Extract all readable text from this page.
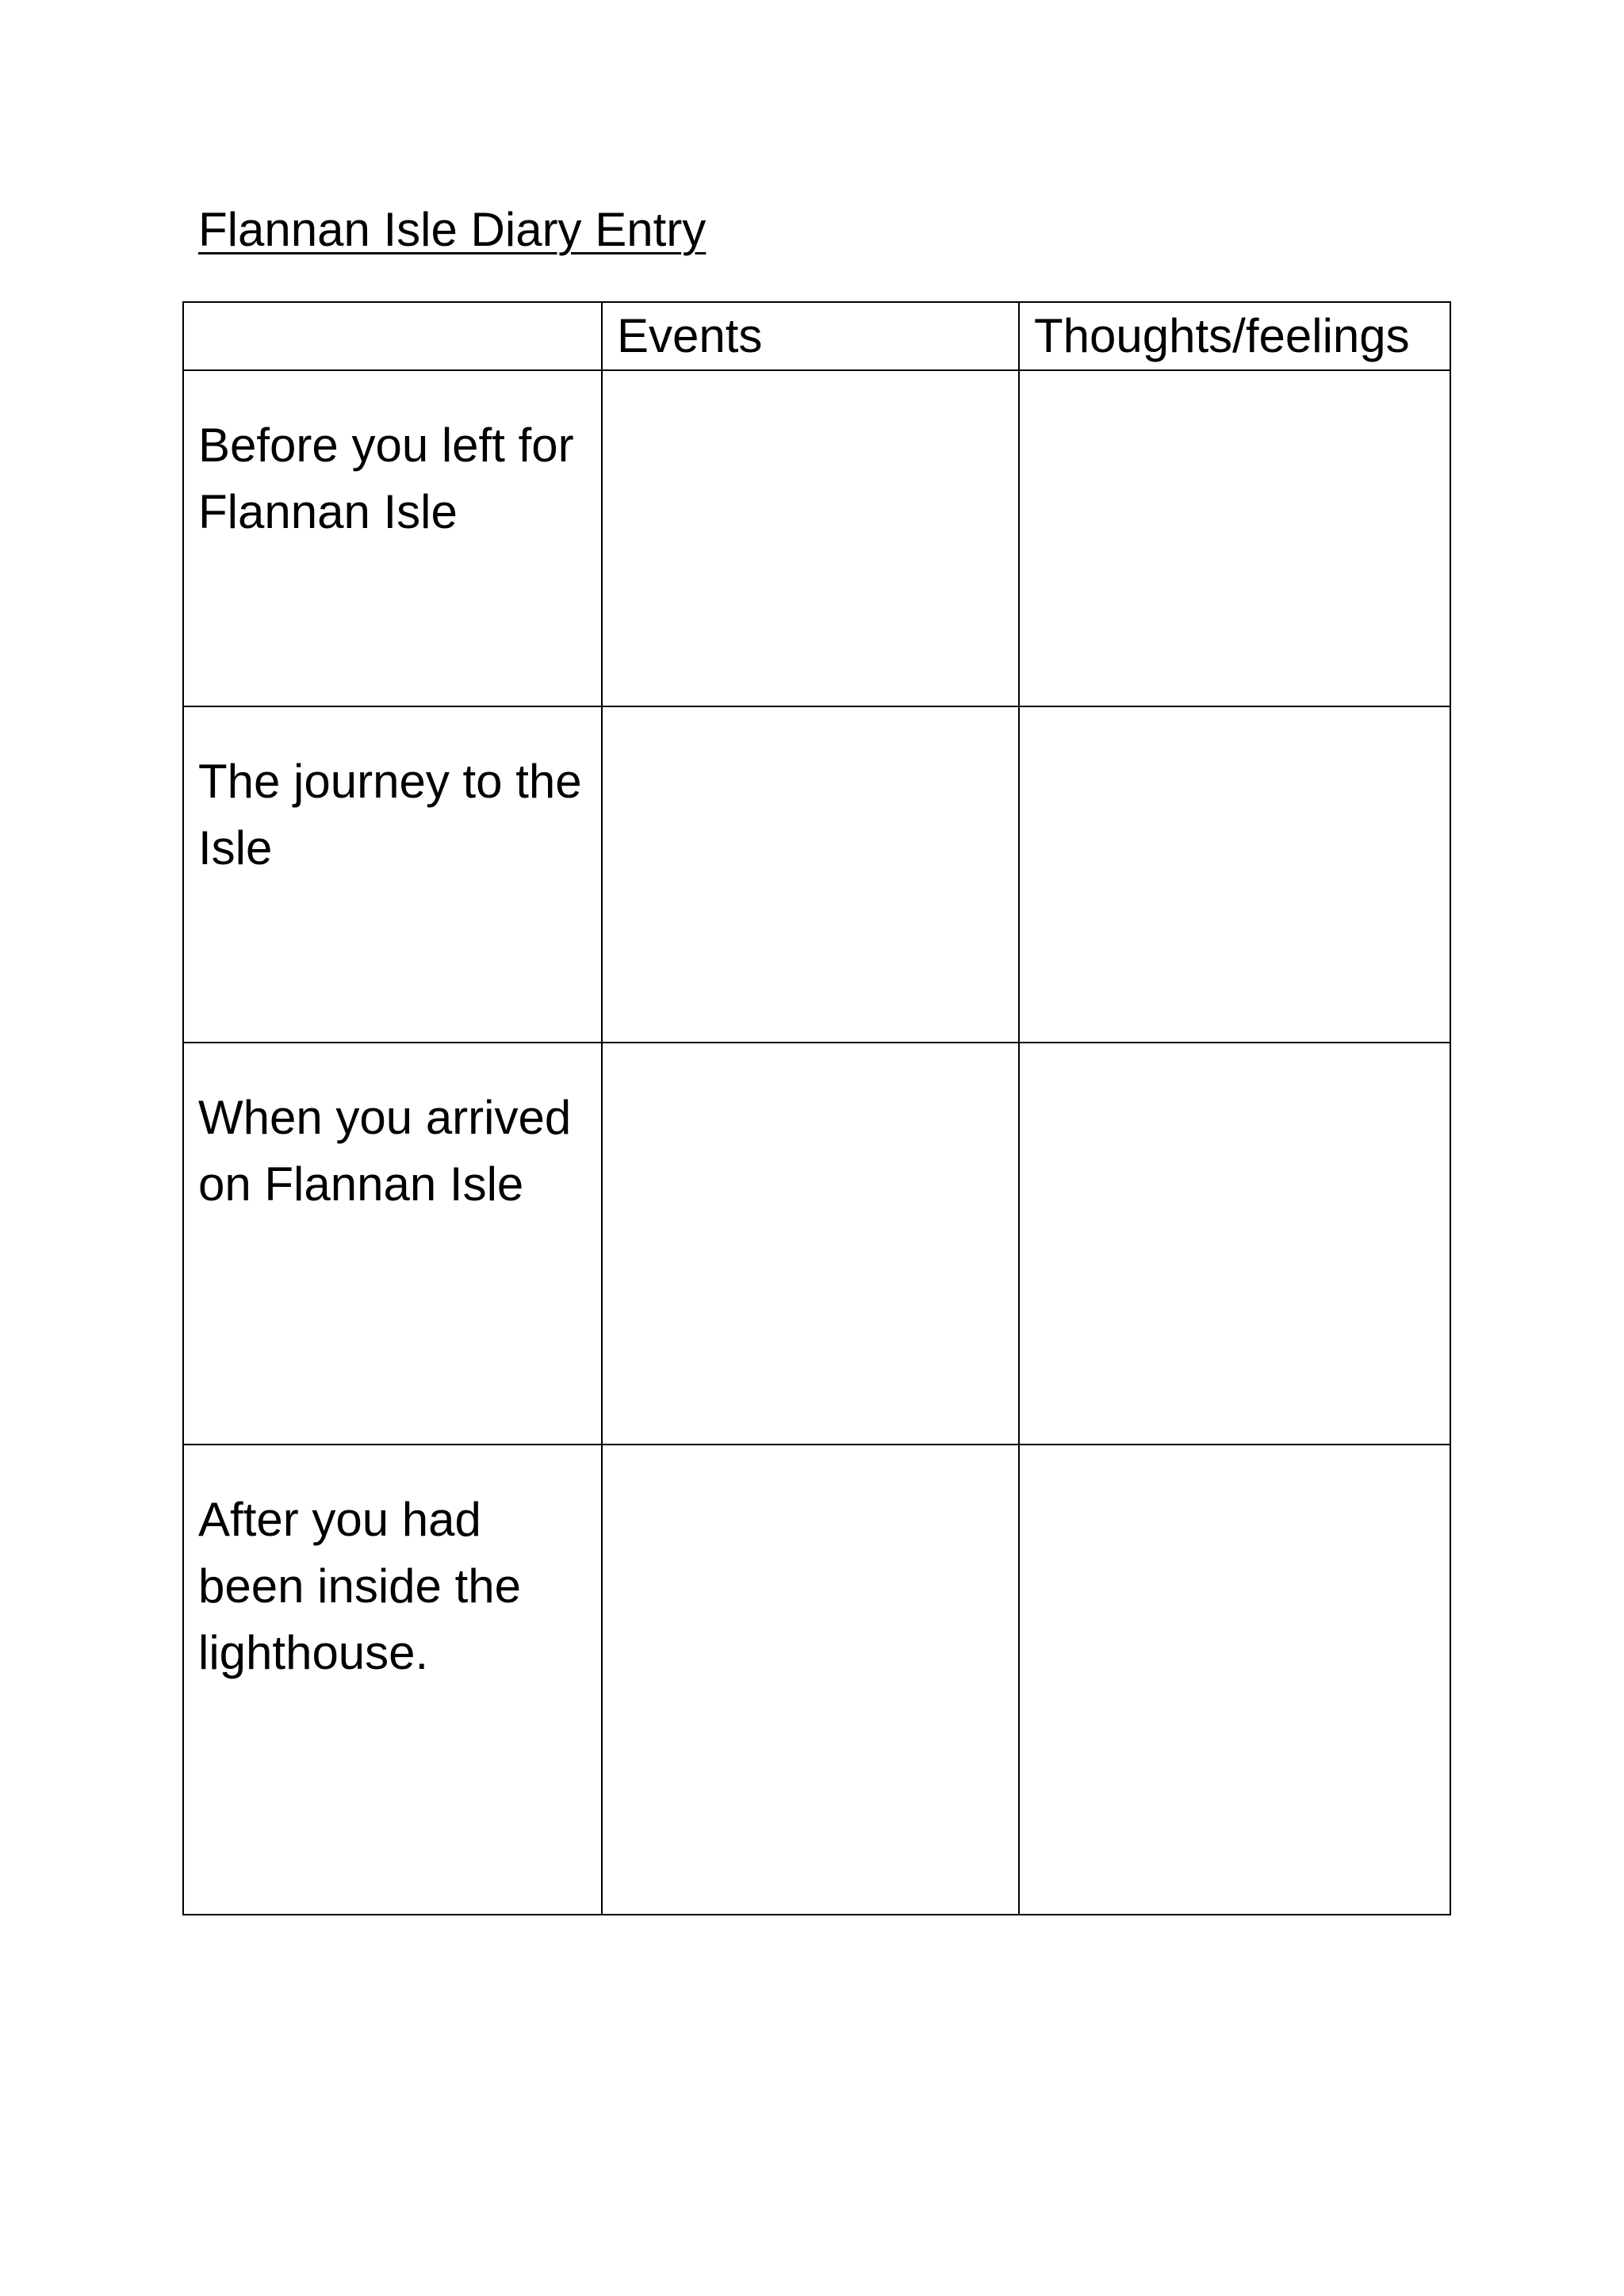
Flannan Isle Diary Entry

	Events	Thoughts/feelings

Before you left for Flannan Isle		

The journey to the Isle		

When you arrived on Flannan Isle		

After you had been inside the lighthouse.		
